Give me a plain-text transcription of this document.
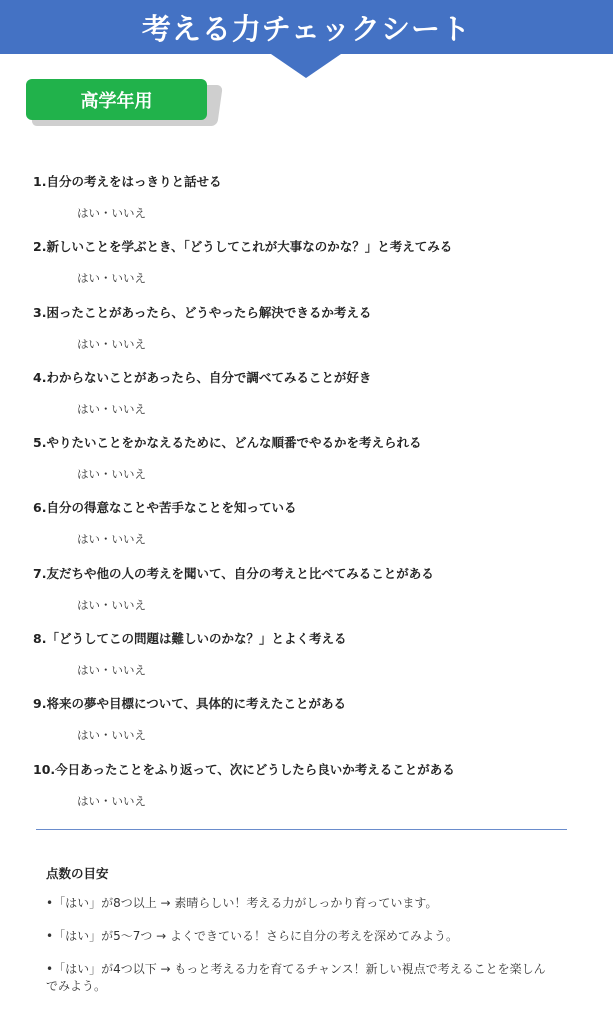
考える力チェックシート
高学年用
1.自分の考えをはっきりと話せる
はい・いいえ
2.新しいことを学ぶとき、「どうしてこれが大事なのかな？」と考えてみる
はい・いいえ
3.困ったことがあったら、どうやったら解決できるか考える
はい・いいえ
4.わからないことがあったら、自分で調べてみることが好き
はい・いいえ
5.やりたいことをかなえるために、どんな順番でやるかを考えられる
はい・いいえ
6.自分の得意なことや苦手なことを知っている
はい・いいえ
7.友だちや他の人の考えを聞いて、自分の考えと比べてみることがある
はい・いいえ
8.「どうしてこの問題は難しいのかな？」とよく考える
はい・いいえ
9.将来の夢や目標について、具体的に考えたことがある
はい・いいえ
10.今日あったことをふり返って、次にどうしたら良いか考えることがある
はい・いいえ
点数の目安
•「はい」が8つ以上 → 素晴らしい！考える力がしっかり育っています。
•「はい」が5〜7つ → よくできている！さらに自分の考えを深めてみよう。
•「はい」が4つ以下 → もっと考える力を育てるチャンス！新しい視点で考えることを楽しんでみよう。
